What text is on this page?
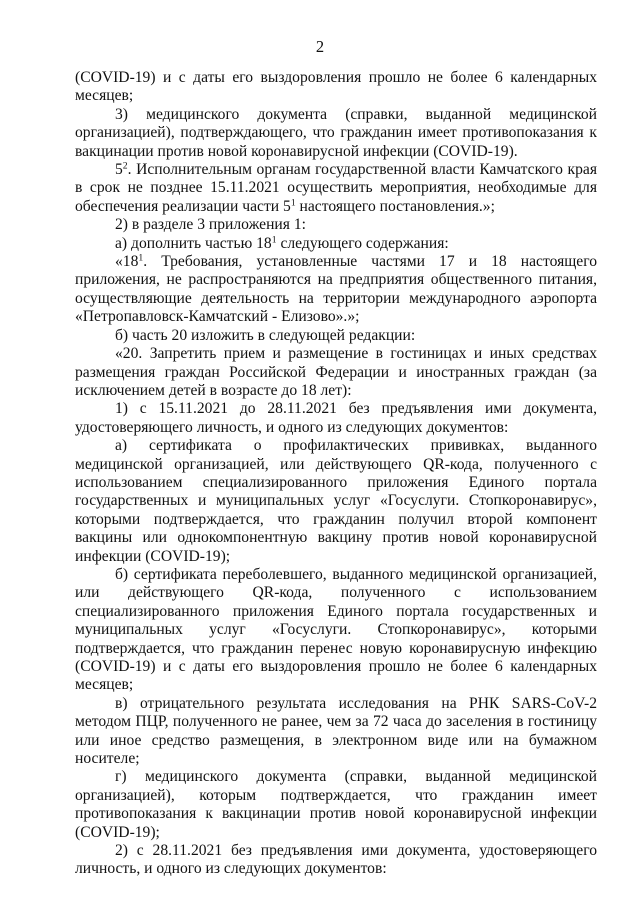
2

(COVID-19) и с даты его выздоровления прошло не более 6 календарных месяцев;

3) медицинского документа (справки, выданной медицинской организацией), подтверждающего, что гражданин имеет противопоказания к вакцинации против новой коронавирусной инфекции (COVID-19).

$5^2$. Исполнительным органам государственной власти Камчатского края в срок не позднее 15.11.2021 осуществить мероприятия, необходимые для обеспечения реализации части $5^1$ настоящего постановления.»;

2) в разделе 3 приложения 1:

а) дополнить частью $18^1$ следующего содержания:

«$18^1$. Требования, установленные частями 17 и 18 настоящего приложения, не распространяются на предприятия общественного питания, осуществляющие деятельность на территории международного аэропорта «Петропавловск-Камчатский - Елизово».»;

б) часть 20 изложить в следующей редакции:

«20. Запретить прием и размещение в гостиницах и иных средствах размещения граждан Российской Федерации и иностранных граждан (за исключением детей в возрасте до 18 лет):

1) с 15.11.2021 до 28.11.2021 без предъявления ими документа, удостоверяющего личность, и одного из следующих документов:

а) сертификата о профилактических прививках, выданного медицинской организацией, или действующего QR-кода, полученного с использованием специализированного приложения Единого портала государственных и муниципальных услуг «Госуслуги. Стопкоронавирус», которыми подтверждается, что гражданин получил второй компонент вакцины или однокомпонентную вакцину против новой коронавирусной инфекции (COVID-19);

б) сертификата переболевшего, выданного медицинской организацией, или действующего QR-кода, полученного с использованием специализированного приложения Единого портала государственных и муниципальных услуг «Госуслуги. Стопкоронавирус», которыми подтверждается, что гражданин перенес новую коронавирусную инфекцию (COVID-19) и с даты его выздоровления прошло не более 6 календарных месяцев;

в) отрицательного результата исследования на РНК SARS-CoV-2 методом ПЦР, полученного не ранее, чем за 72 часа до заселения в гостиницу или иное средство размещения, в электронном виде или на бумажном носителе;

г) медицинского документа (справки, выданной медицинской организацией), которым подтверждается, что гражданин имеет противопоказания к вакцинации против новой коронавирусной инфекции (COVID-19);

2) с 28.11.2021 без предъявления ими документа, удостоверяющего личность, и одного из следующих документов:
